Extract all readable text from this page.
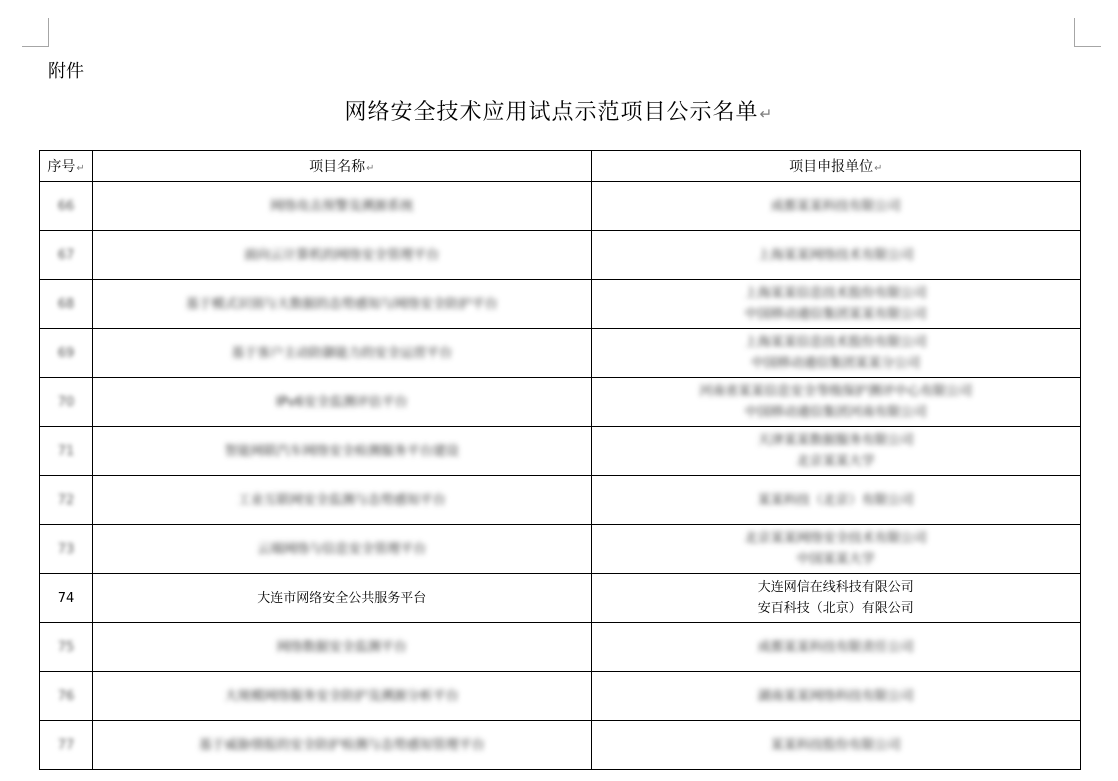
附件
网络安全技术应用试点示范项目公示名单↵
序号↵	项目名称↵	项目申报单位↵
66	网络攻击预警及溯源系统	成都某某科技有限公司

67	面向云计算机的网络安全管理平台	上海某某网络技术有限公司

68	基于模式识别与大数据的态势感知与网络安全防护平台	上海某某信息技术股份有限公司
中国移动通信集团某某有限公司

69	基于客户主动防御能力的安全运营平台	上海某某信息技术股份有限公司
中国移动通信集团某某分公司

70	IPv6安全监测评估平台	河南省某某信息安全等级保护测评中心有限公司
中国移动通信集团河南有限公司

71	智能网联汽车网络安全检测服务平台建设	天津某某数据服务有限公司
北京某某大学

72	工业互联网安全监测与态势感知平台	某某科技（北京）有限公司

73	云端网络与信息安全管理平台	北京某某网络安全技术有限公司
中国某某大学

74	大连市网络安全公共服务平台	大连网信在线科技有限公司
安百科技（北京）有限公司

75	网络数据安全监测平台	成都某某科技有限责任公司

76	大规模网络服务安全防护及溯源分析平台	湖南某某网络科技有限公司

77	基于威胁情报的安全防护检测与态势感知管理平台	某某科技股份有限公司
